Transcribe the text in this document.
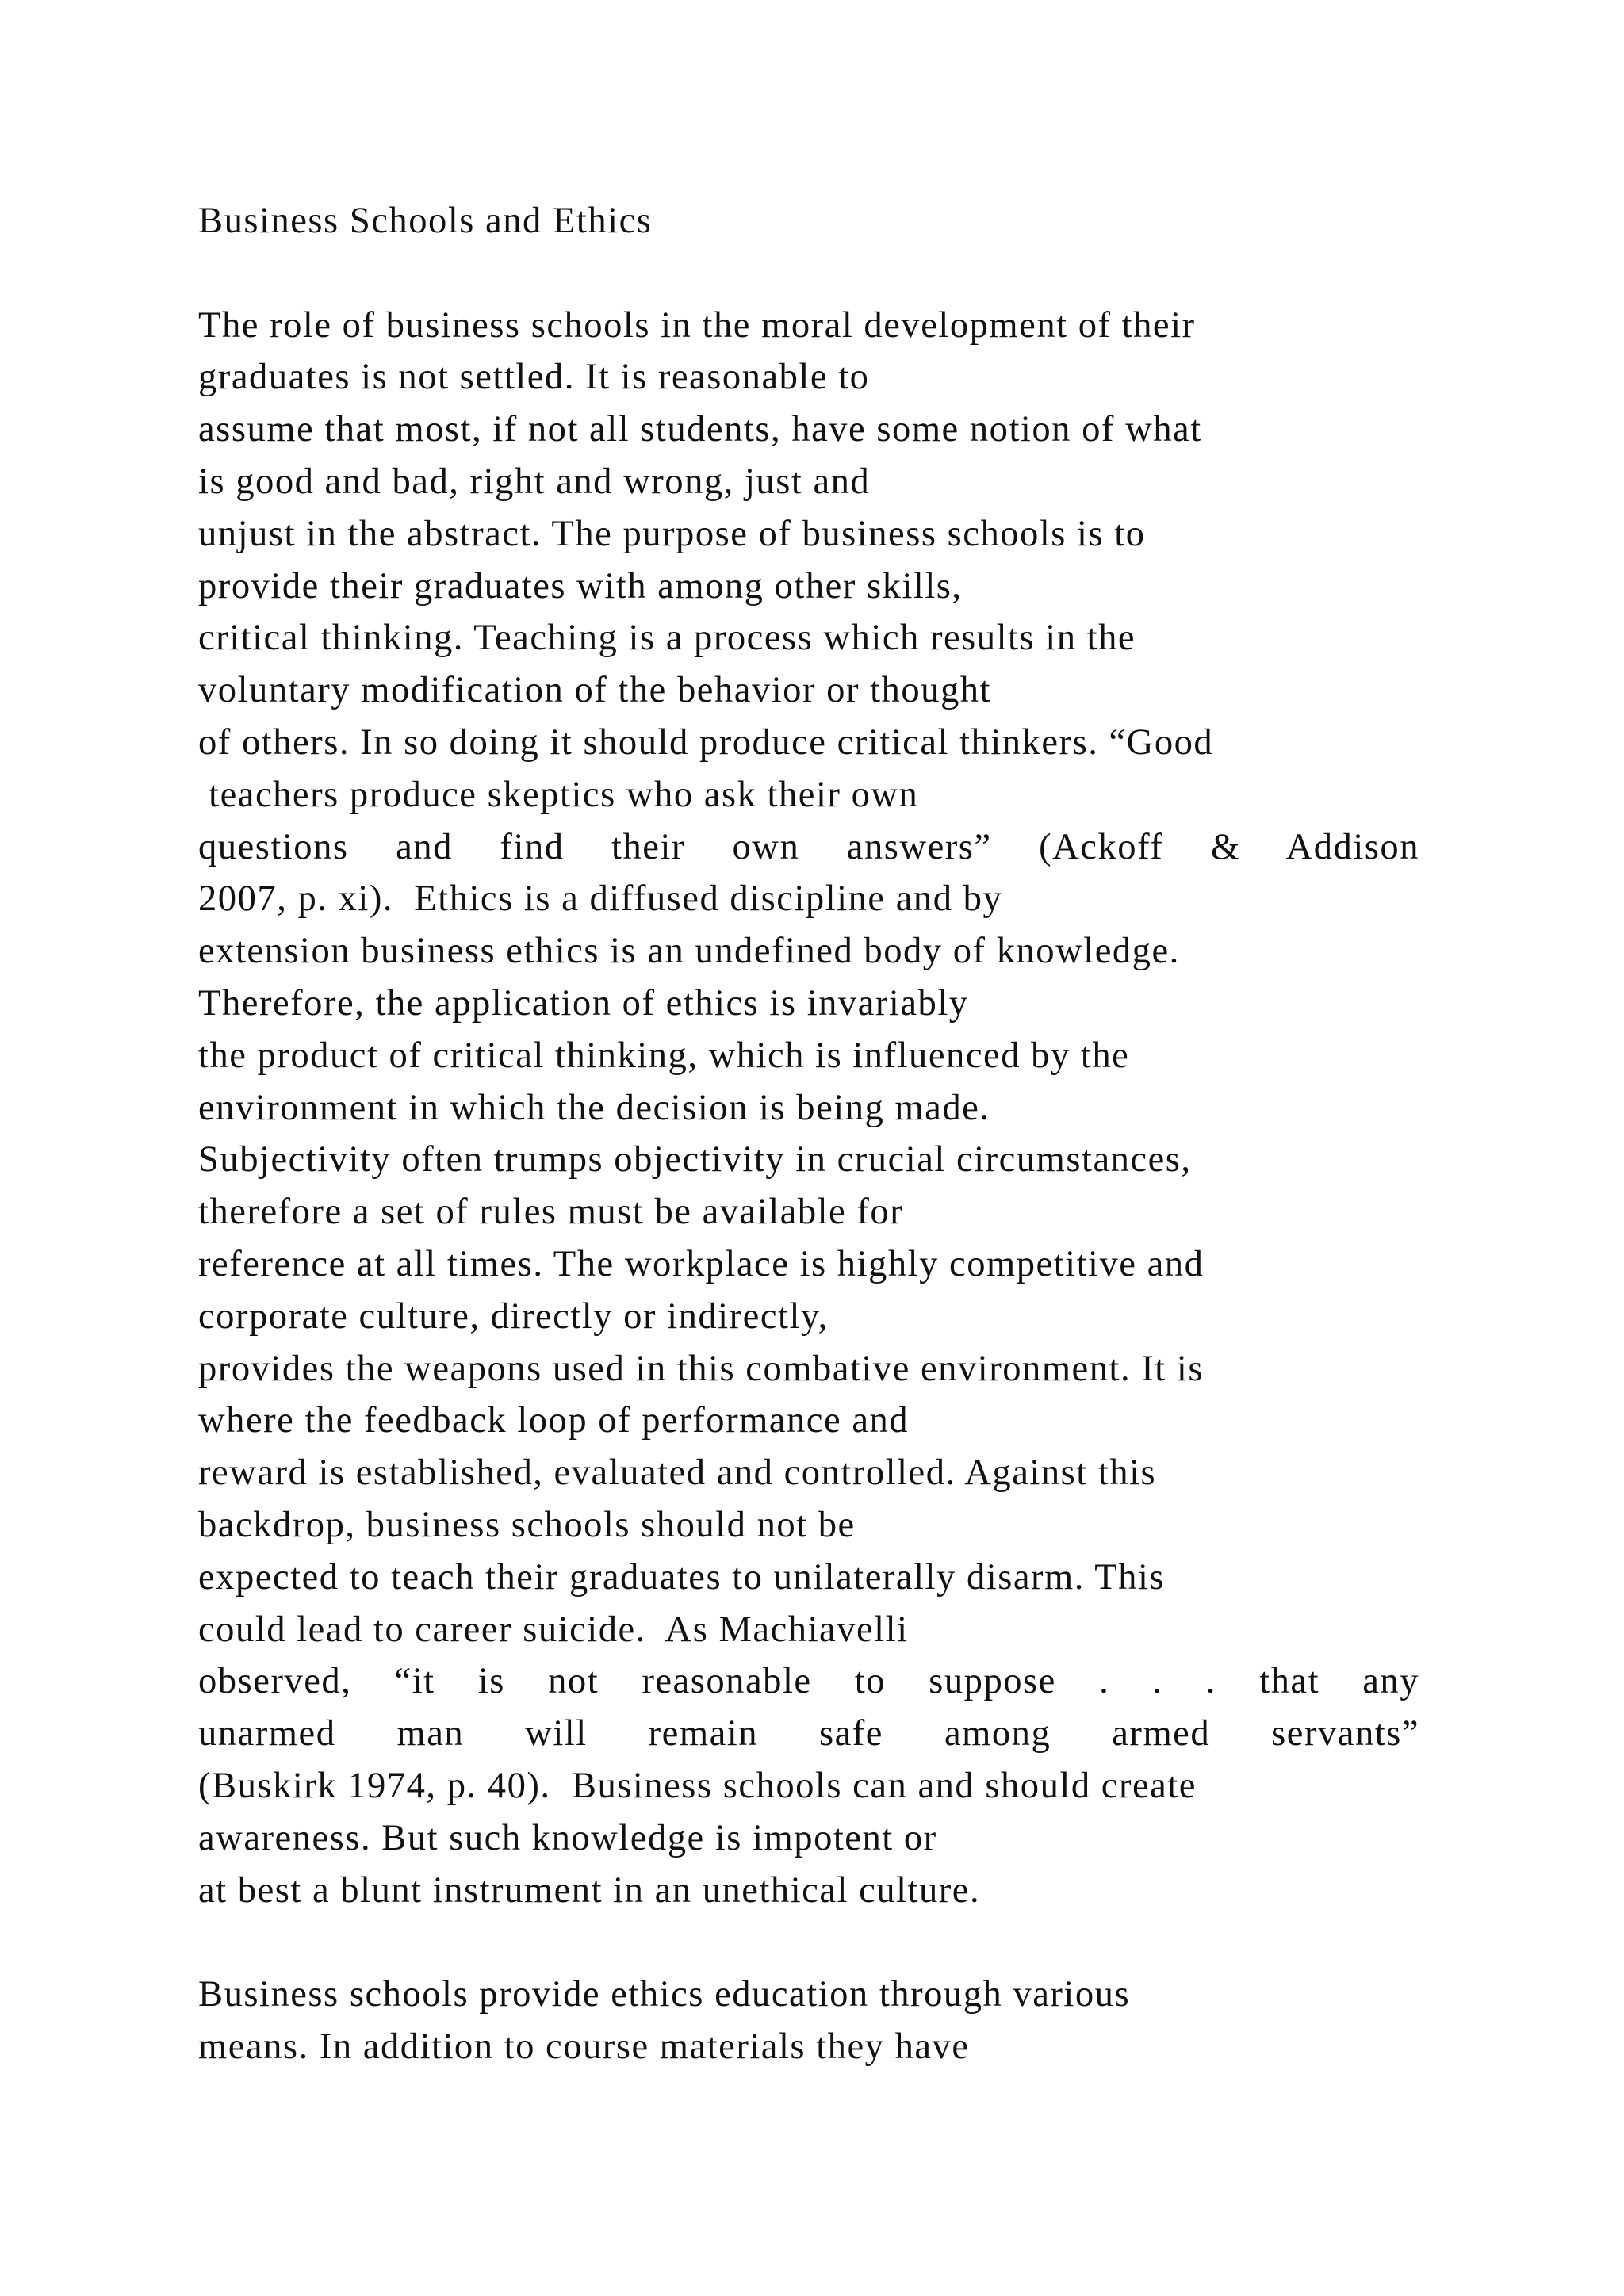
Business Schools and Ethics
The role of business schools in the moral development of their
graduates is not settled. It is reasonable to
assume that most, if not all students, have some notion of what
is good and bad, right and wrong, just and
unjust in the abstract. The purpose of business schools is to
provide their graduates with among other skills,
critical thinking. Teaching is a process which results in the
voluntary modification of the behavior or thought
of others. In so doing it should produce critical thinkers. “Good
teachers produce skeptics who ask their own
questions and find their own answers” (Ackoff & Addison
2007, p. xi).  Ethics is a diffused discipline and by
extension business ethics is an undefined body of knowledge.
Therefore, the application of ethics is invariably
the product of critical thinking, which is influenced by the
environment in which the decision is being made.
Subjectivity often trumps objectivity in crucial circumstances,
therefore a set of rules must be available for
reference at all times. The workplace is highly competitive and
corporate culture, directly or indirectly,
provides the weapons used in this combative environment. It is
where the feedback loop of performance and
reward is established, evaluated and controlled. Against this
backdrop, business schools should not be
expected to teach their graduates to unilaterally disarm. This
could lead to career suicide.  As Machiavelli
observed, “it is not reasonable to suppose . . . that any
unarmed man will remain safe among armed servants”
(Buskirk 1974, p. 40).  Business schools can and should create
awareness. But such knowledge is impotent or
at best a blunt instrument in an unethical culture.
Business schools provide ethics education through various
means. In addition to course materials they have
